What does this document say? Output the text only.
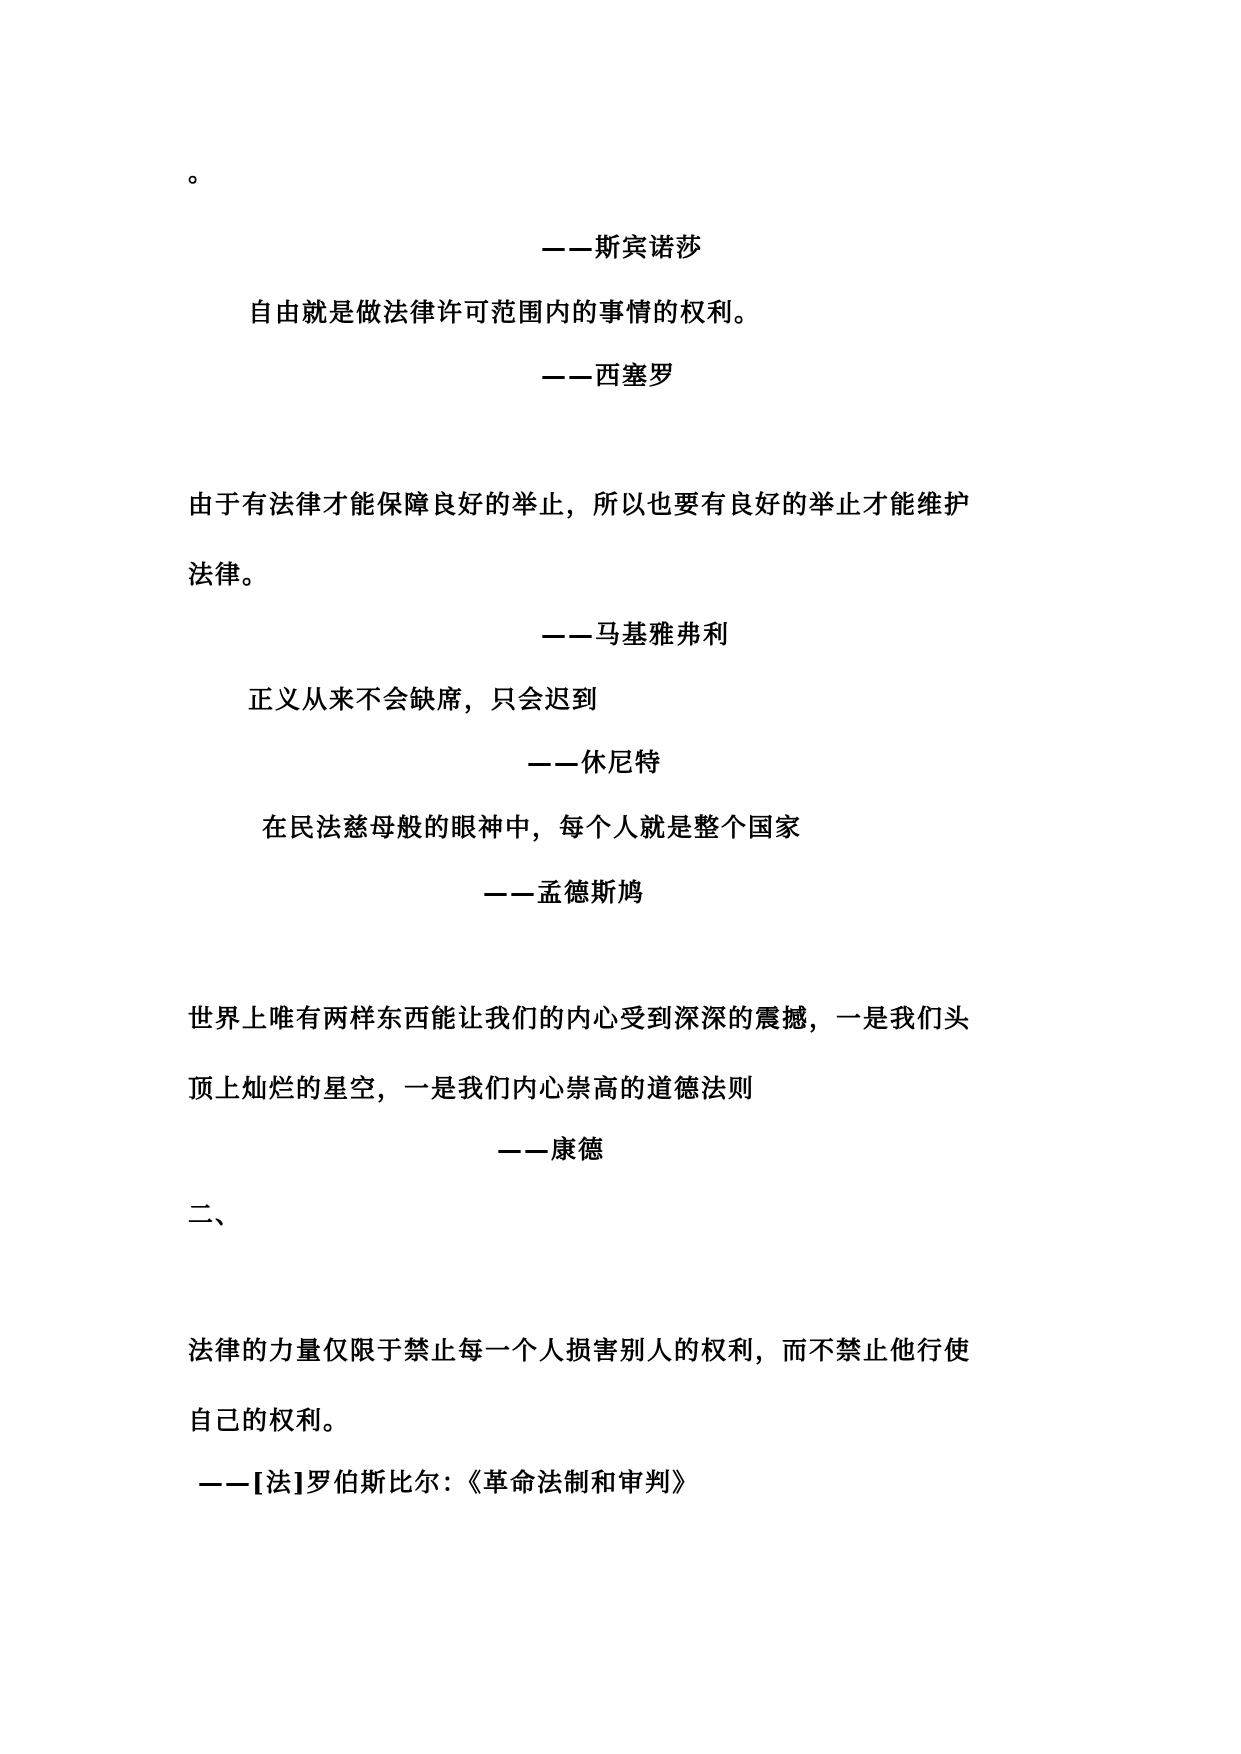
。
——斯宾诺莎
自由就是做法律许可范围内的事情的权利。
——西塞罗
由于有法律才能保障良好的举止，所以也要有良好的举止才能维护
法律。
——马基雅弗利
正义从来不会缺席，只会迟到
——休尼特
在民法慈母般的眼神中，每个人就是整个国家
——孟德斯鸠
世界上唯有两样东西能让我们的内心受到深深的震撼，一是我们头
顶上灿烂的星空，一是我们内心崇高的道德法则
——康德
二、
法律的力量仅限于禁止每一个人损害别人的权利，而不禁止他行使
自己的权利。
——[法]罗伯斯比尔：《革命法制和审判》
